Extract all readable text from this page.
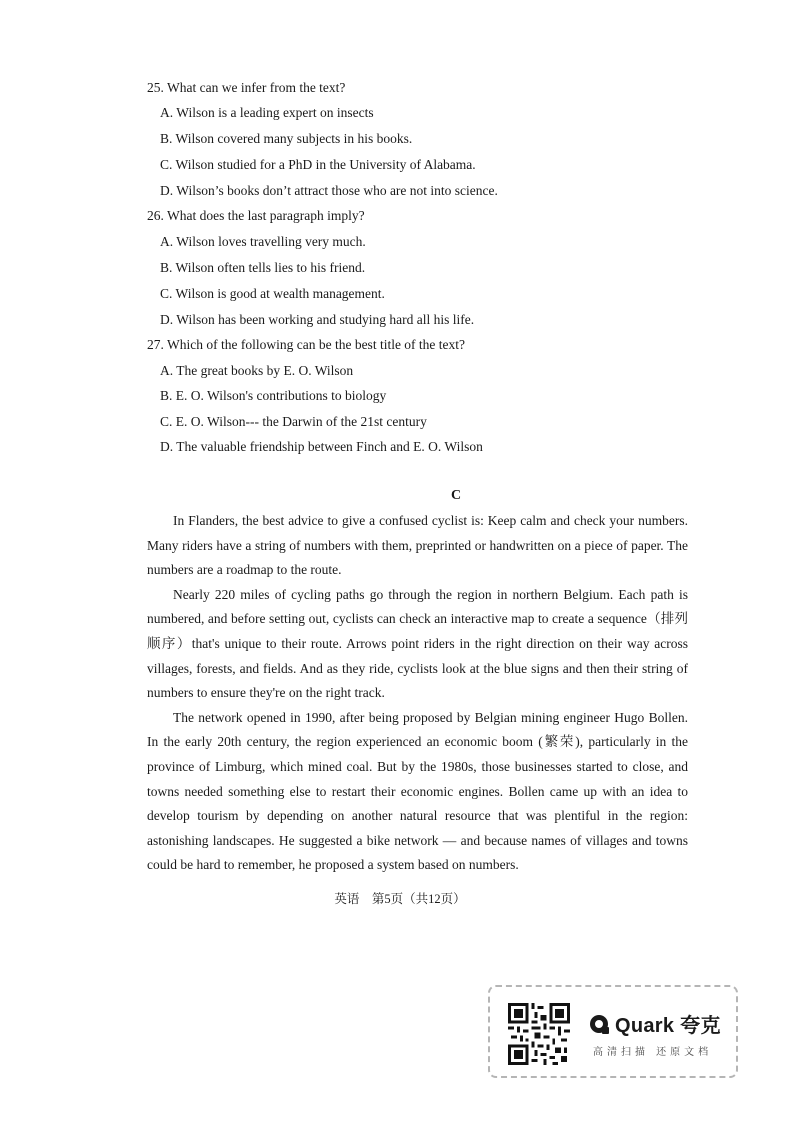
25. What can we infer from the text?
A. Wilson is a leading expert on insects
B. Wilson covered many subjects in his books.
C. Wilson studied for a PhD in the University of Alabama.
D. Wilson’s books don’t attract those who are not into science.
26. What does the last paragraph imply?
A. Wilson loves travelling very much.
B. Wilson often tells lies to his friend.
C. Wilson is good at wealth management.
D. Wilson has been working and studying hard all his life.
27. Which of the following can be the best title of the text?
A. The great books by E. O. Wilson
B. E. O. Wilson's contributions to biology
C. E. O. Wilson--- the Darwin of the 21st century
D. The valuable friendship between Finch and E. O. Wilson
C

In Flanders, the best advice to give a confused cyclist is: Keep calm and check your numbers. Many riders have a string of numbers with them, preprinted or handwritten on a piece of paper. The numbers are a roadmap to the route.

Nearly 220 miles of cycling paths go through the region in northern Belgium. Each path is numbered, and before setting out, cyclists can check an interactive map to create a sequence（排列顺序）that's unique to their route. Arrows point riders in the right direction on their way across villages, forests, and fields. And as they ride, cyclists look at the blue signs and then their string of numbers to ensure they're on the right track.

The network opened in 1990, after being proposed by Belgian mining engineer Hugo Bollen. In the early 20th century, the region experienced an economic boom (繁荣), particularly in the province of Limburg, which mined coal. But by the 1980s, those businesses started to close, and towns needed something else to restart their economic engines. Bollen came up with an idea to develop tourism by depending on another natural resource that was plentiful in the region: astonishing landscapes. He suggested a bike network — and because names of villages and towns could be hard to remember, he proposed a system based on numbers.

英语　第5页（共12页）
Quark 夸克
高清扫描 还原文档
